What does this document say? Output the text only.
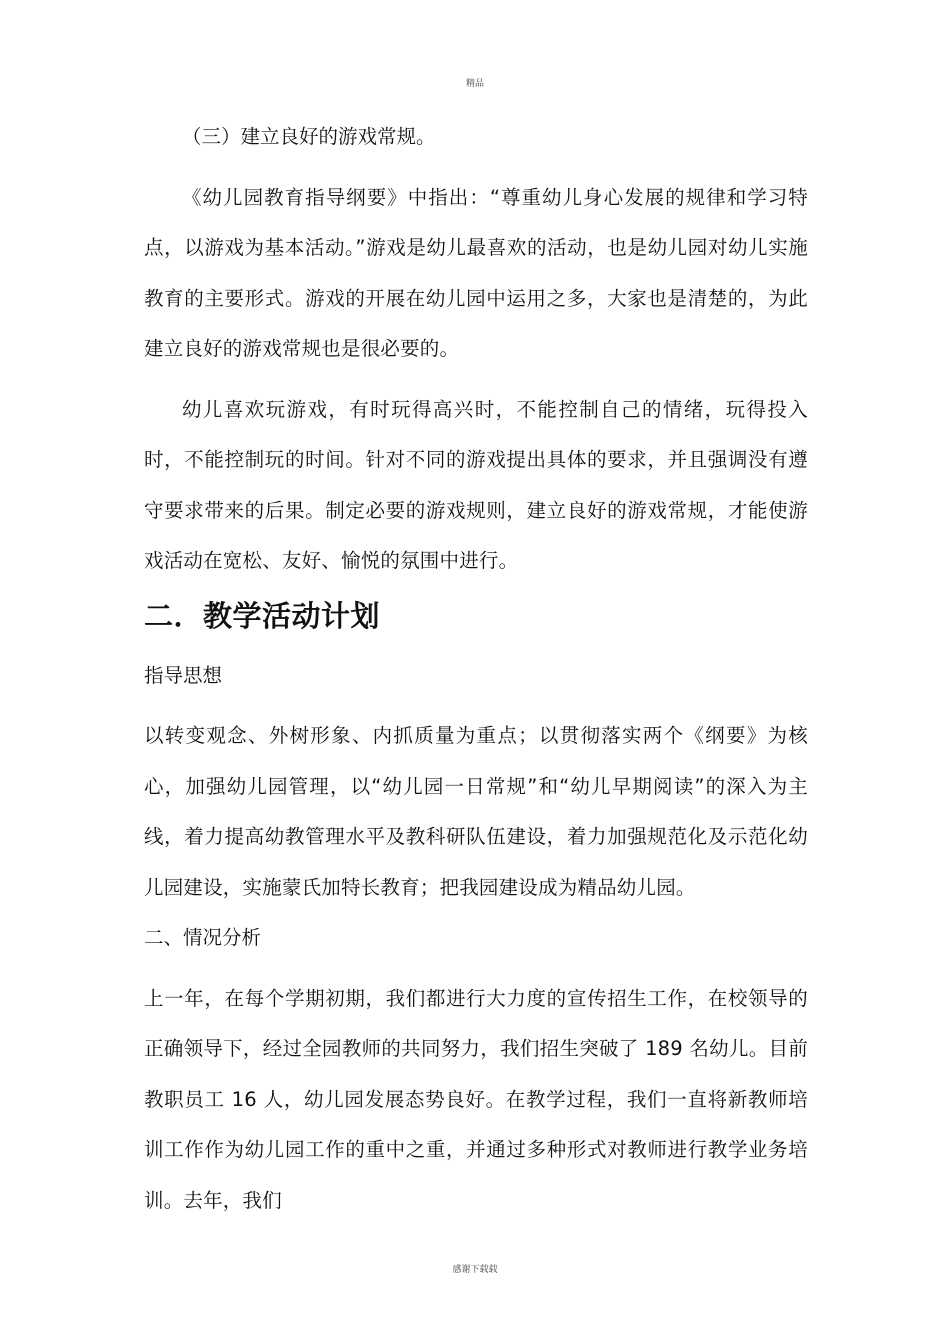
精品

（三）建立良好的游戏常规。

《幼儿园教育指导纲要》中指出：“尊重幼儿身心发展的规律和学习特点，以游戏为基本活动。”游戏是幼儿最喜欢的活动，也是幼儿园对幼儿实施教育的主要形式。游戏的开展在幼儿园中运用之多，大家也是清楚的，为此建立良好的游戏常规也是很必要的。

幼儿喜欢玩游戏，有时玩得高兴时，不能控制自己的情绪，玩得投入时，不能控制玩的时间。针对不同的游戏提出具体的要求，并且强调没有遵守要求带来的后果。制定必要的游戏规则，建立良好的游戏常规，才能使游戏活动在宽松、友好、愉悦的氛围中进行。

二．教学活动计划

指导思想

以转变观念、外树形象、内抓质量为重点；以贯彻落实两个《纲要》为核心，加强幼儿园管理，以“幼儿园一日常规”和“幼儿早期阅读”的深入为主线，着力提高幼教管理水平及教科研队伍建设，着力加强规范化及示范化幼儿园建设，实施蒙氏加特长教育；把我园建设成为精品幼儿园。

二、情况分析

上一年，在每个学期初期，我们都进行大力度的宣传招生工作，在校领导的正确领导下，经过全园教师的共同努力，我们招生突破了 189 名幼儿。目前教职员工 16 人，幼儿园发展态势良好。在教学过程，我们一直将新教师培训工作作为幼儿园工作的重中之重，并通过多种形式对教师进行教学业务培训。去年，我们

感谢下载载
